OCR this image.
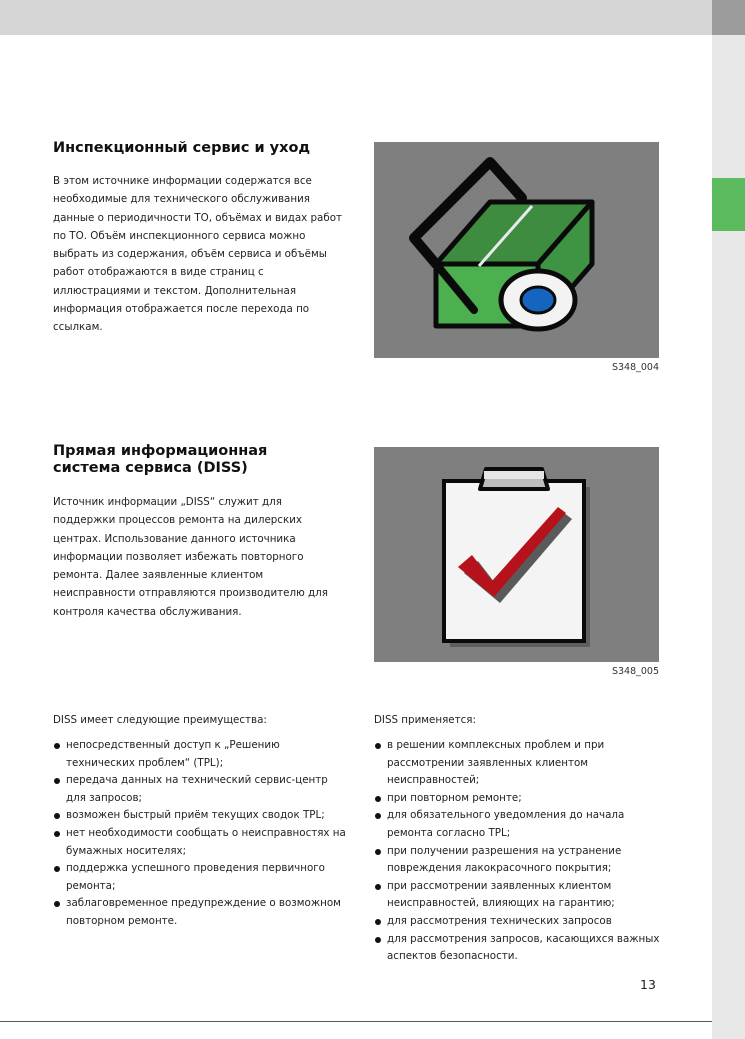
Инспекционный сервис и уход

В этом источнике информации содержатся все необходимые для технического обслуживания данные о периодичности ТО, объёмах и видах работ по ТО. Объём инспекционного сервиса можно выбрать из содержания, объём сервиса и объёмы работ отображаются в виде страниц с иллюстрациями и текстом. Дополнительная информация отображается после перехода по ссылкам.

S348_004
Прямая информационная система сервиса (DISS)

Источник информации „DISS“ служит для поддержки процессов ремонта на дилерских центрах. Использование данного источника информации позволяет избежать повторного ремонта. Далее заявленные клиентом неисправности отправляются производителю для контроля качества обслуживания.

S348_005

DISS имеет следующие преимущества:

непосредственный доступ к „Решению технических проблем“ (TPL);
передача данных на технический сервис-центр для запросов;
возможен быстрый приём текущих сводок TPL;
нет необходимости сообщать о неисправностях на бумажных носителях;
поддержка успешного проведения первичного ремонта;
заблаговременное предупреждение о возможном повторном ремонте.

DISS применяется:

в решении комплексных проблем и при рассмотрении заявленных клиентом неисправностей;
при повторном ремонте;
для обязательного уведомления до начала ремонта согласно TPL;
при получении разрешения на устранение повреждения лакокрасочного покрытия;
при рассмотрении заявленных клиентом неисправностей, влияющих на гарантию;
для рассмотрения технических запросов
для рассмотрения запросов, касающихся важных аспектов безопасности.
13
